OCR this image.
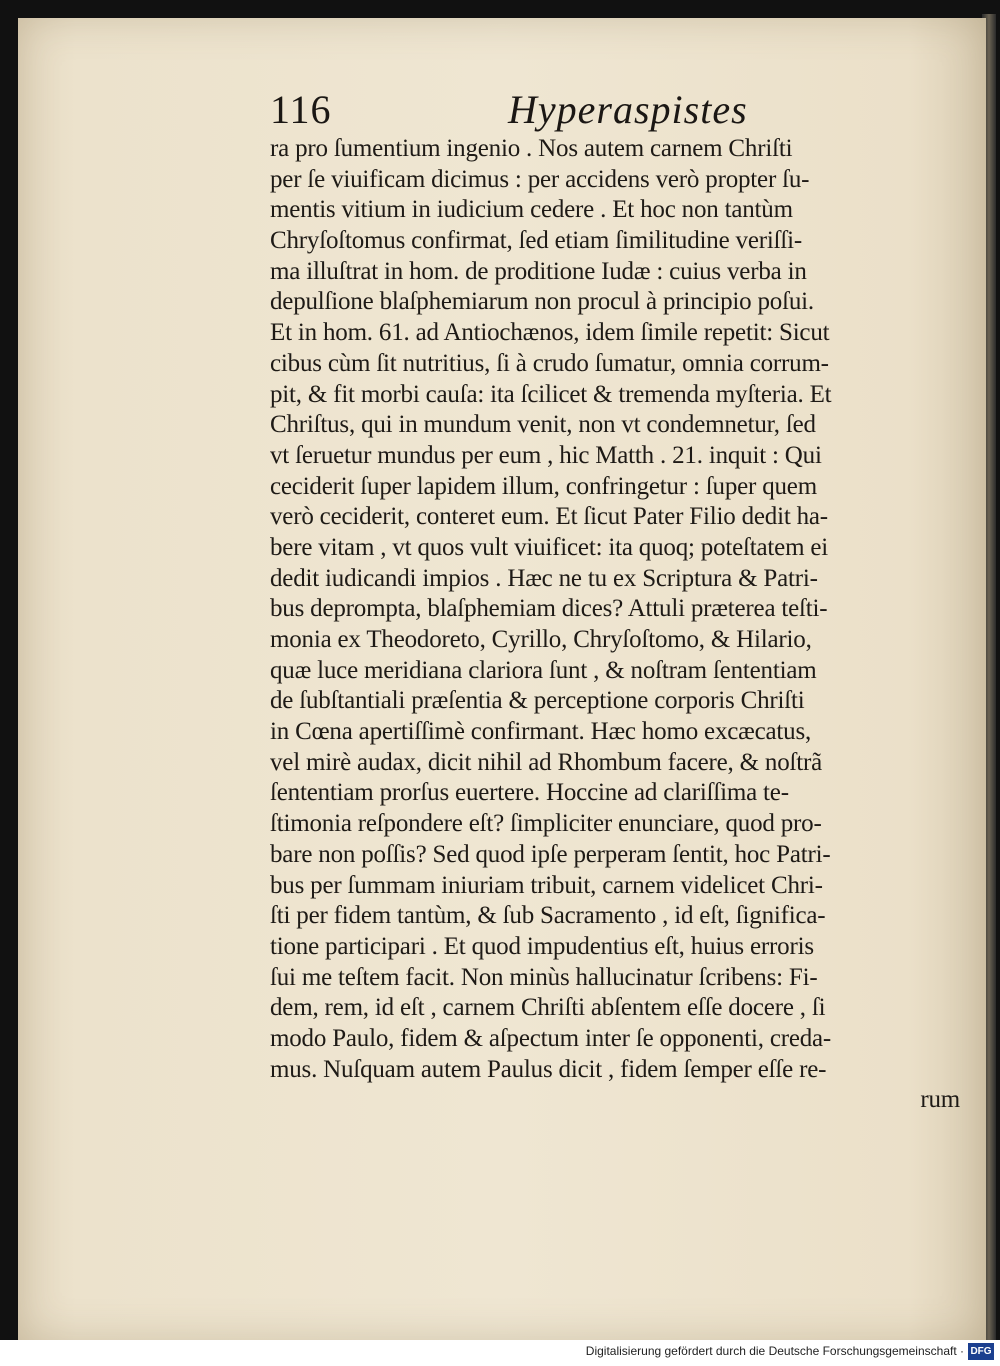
116	Hyperaspistes
ra pro ſumentium ingenio . Nos autem carnem Chriſti
per ſe viuificam dicimus : per accidens verò propter ſu-
mentis vitium in iudicium cedere . Et hoc non tantùm
Chryſoſtomus confirmat, ſed etiam ſimilitudine veriſſi-
ma illuſtrat in hom. de proditione Iudæ : cuius verba in
depulſione blaſphemiarum non procul à principio poſui.
Et in hom. 61. ad Antiochænos, idem ſimile repetit: Sicut
cibus cùm ſit nutritius, ſi à crudo ſumatur, omnia corrum-
pit, & fit morbi cauſa: ita ſcilicet & tremenda myſteria. Et
Chriſtus, qui in mundum venit, non vt condemnetur, ſed
vt ſeruetur mundus per eum , hic Matth . 21. inquit : Qui
ceciderit ſuper lapidem illum, confringetur : ſuper quem
verò ceciderit, conteret eum. Et ſicut Pater Filio dedit ha-
bere vitam , vt quos vult viuificet: ita quoq; poteſtatem ei
dedit iudicandi impios . Hæc ne tu ex Scriptura & Patri-
bus deprompta, blaſphemiam dices? Attuli præterea teſti-
monia ex Theodoreto, Cyrillo, Chryſoſtomo, & Hilario,
quæ luce meridiana clariora ſunt , & noſtram ſententiam
de ſubſtantiali præſentia & perceptione corporis Chriſti
in Cœna apertiſſimè confirmant. Hæc homo excæcatus,
vel mirè audax, dicit nihil ad Rhombum facere, & noſtrã
ſententiam prorſus euertere. Hoccine ad clariſſima te-
ſtimonia reſpondere eſt? ſimpliciter enunciare, quod pro-
bare non poſſis? Sed quod ipſe perperam ſentit, hoc Patri-
bus per ſummam iniuriam tribuit, carnem videlicet Chri-
ſti per fidem tantùm, & ſub Sacramento , id eſt, ſignifica-
tione participari . Et quod impudentius eſt, huius erroris
ſui me teſtem facit. Non minùs hallucinatur ſcribens: Fi-
dem, rem, id eſt , carnem Chriſti abſentem eſſe docere , ſi
modo Paulo, fidem & aſpectum inter ſe opponenti, creda-
mus. Nuſquam autem Paulus dicit , fidem ſemper eſſe re-
rum
Digitalisierung gefördert durch die Deutsche Forschungsgemeinschaft · DFG
